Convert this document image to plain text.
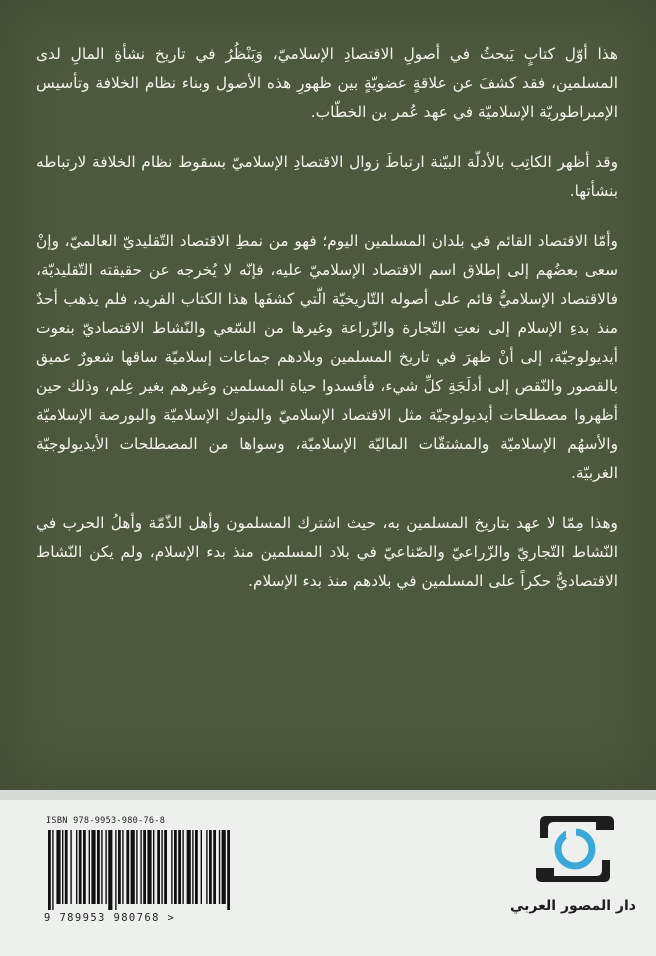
هذا أوّل كتابٍ يَبحثُ في أصولِ الاقتصادِ الإسلاميّ، وَيَنْظُرُ في تاريخ نشأةِ المالِ لدى المسلمين، فقد كشفَ عن علاقةٍ عضويّةٍ بين ظهورِ هذه الأصول وبناء نظام الخلافة وتأسيس الإمبراطوريّة الإسلاميّة في عهد عُمر بن الخطّاب.

وقد أظهر الكاتِب بالأدلّة البيّنة ارتباطَ زوال الاقتصادِ الإسلاميّ بسقوط نظام الخلافة لارتباطه بنشأتها.

وأمّا الاقتصاد القائم في بلدان المسلمين اليوم؛ فهو من نمطِ الاقتصاد التّقليديّ العالميّ، وإنْ سعى بعضُهم إلى إطلاق اسم الاقتصاد الإسلاميّ عليه، فإنّه لا يُخرجه عن حقيقته التّقليديّة، فالاقتصاد الإسلاميُّ قائم على أصوله التّاريخيّة الّتي كشفَها هذا الكتاب الفريد، فلم يذهب أحدٌ منذ بدءِ الإسلام إلى نعتِ التّجارة والزّراعة وغيرها من السّعي والنّشاط الاقتصاديّ بنعوت أيديولوجيّة، إلى أنْ ظهرَ في تاريخ المسلمين وبلادهم جماعات إسلاميّة ساقها شعورٌ عميق بالقصور والنّقص إلى أدلَجَةِ كلِّ شيء، فأفسدوا حياة المسلمين وغيرهم بغير عِلم، وذلك حين أظهروا مصطلحات أيديولوجيّة مثل الاقتصاد الإسلاميّ والبنوك الإسلاميّة والبورصة الإسلاميّة والأسهُم الإسلاميّة والمشتقّات الماليّة الإسلاميّة، وسواها من المصطلحات الأيديولوجيّة الغربيّة.

وهذا مِمّا لا عهد بتاريخ المسلمين به، حيث اشترك المسلمون وأهل الذّمّة وأهلُ الحرب في النّشاط التّجاريّ والزّراعيّ والصّناعيّ في بلاد المسلمين منذ بدء الإسلام، ولم يكن النّشاط الاقتصاديُّ حكراً على المسلمين في بلادهم منذ بدء الإسلام.

ISBN 978-9953-980-76-8
9 789953 980768 >
دار المصور العربي
